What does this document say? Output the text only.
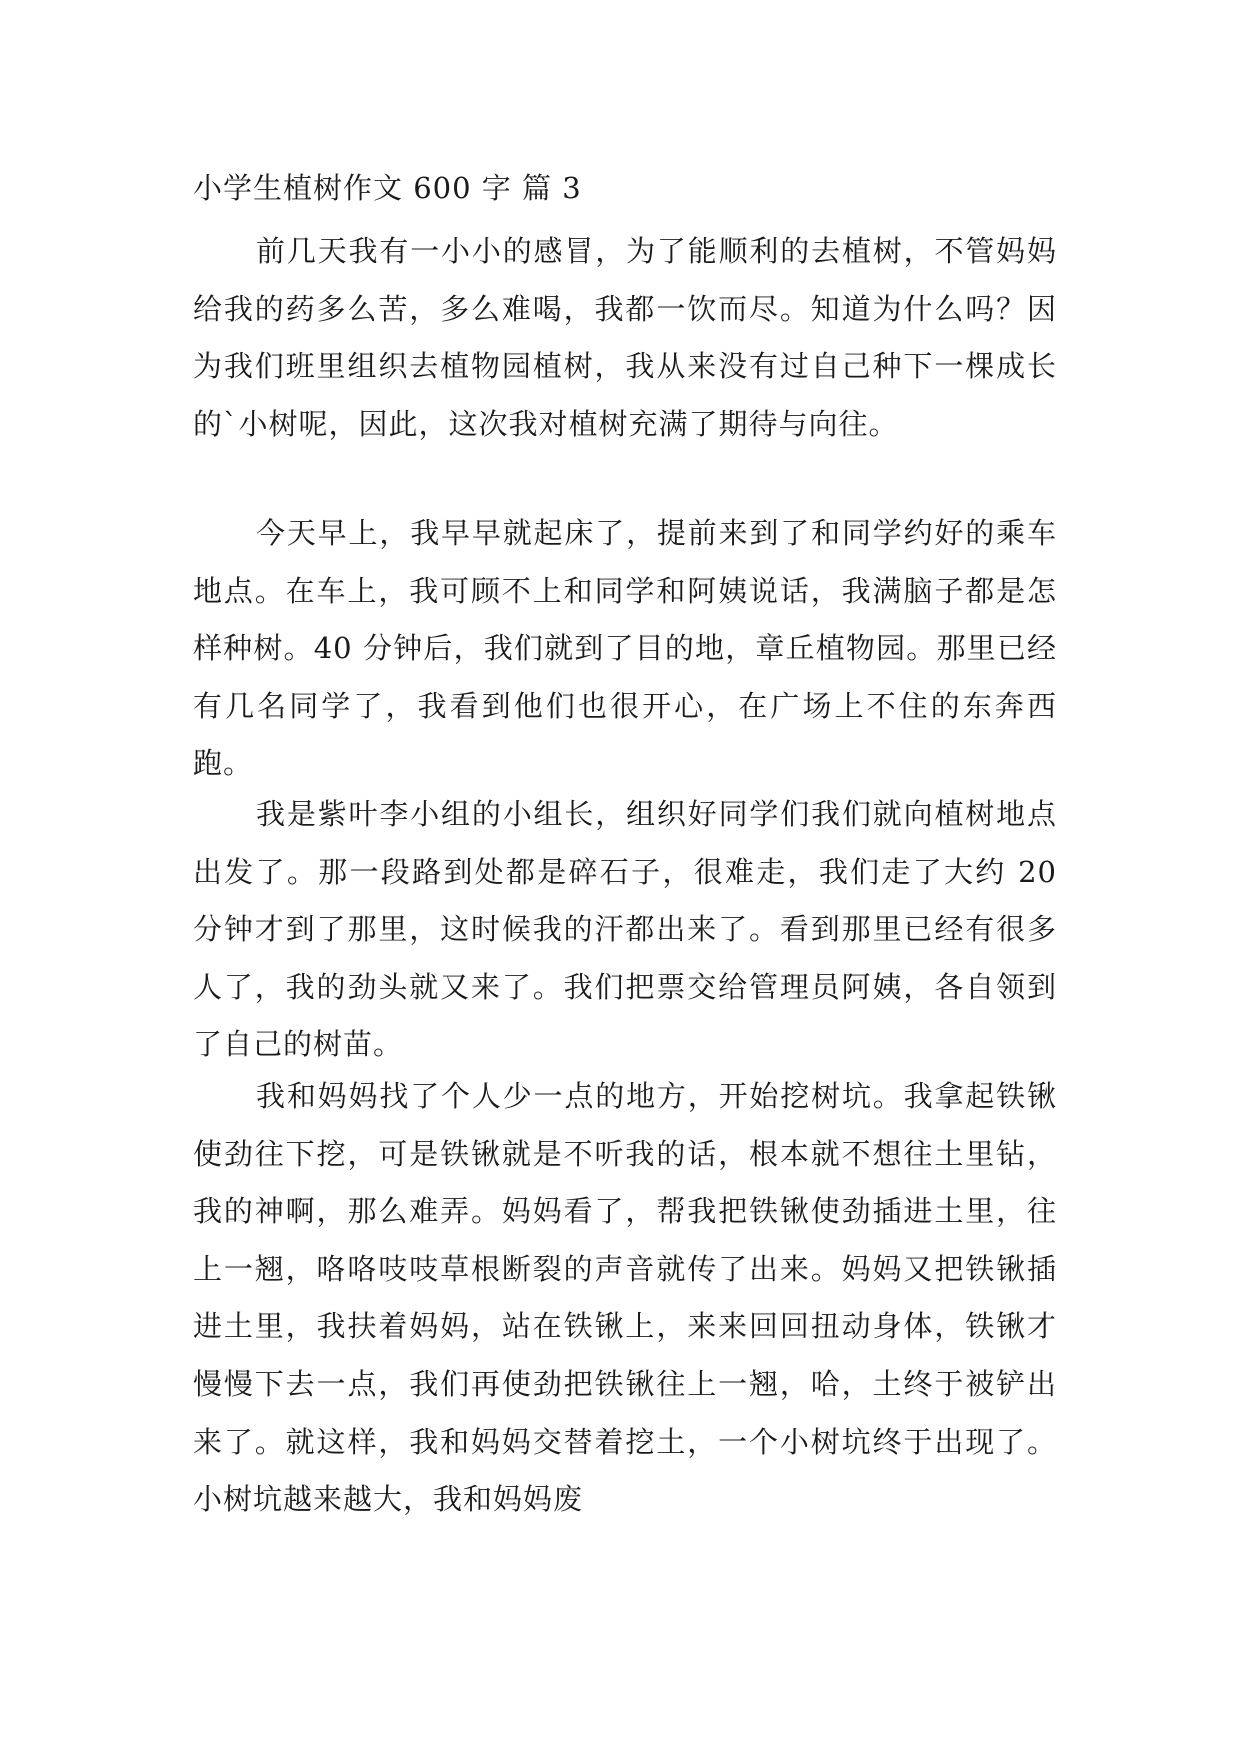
小学生植树作文 600 字 篇 3

前几天我有一小小的感冒，为了能顺利的去植树，不管妈妈给我的药多么苦，多么难喝，我都一饮而尽。知道为什么吗？因为我们班里组织去植物园植树，我从来没有过自己种下一棵成长的`小树呢，因此，这次我对植树充满了期待与向往。

今天早上，我早早就起床了，提前来到了和同学约好的乘车地点。在车上，我可顾不上和同学和阿姨说话，我满脑子都是怎样种树。40 分钟后，我们就到了目的地，章丘植物园。那里已经有几名同学了，我看到他们也很开心，在广场上不住的东奔西跑。

我是紫叶李小组的小组长，组织好同学们我们就向植树地点出发了。那一段路到处都是碎石子，很难走，我们走了大约 20 分钟才到了那里，这时候我的汗都出来了。看到那里已经有很多人了，我的劲头就又来了。我们把票交给管理员阿姨，各自领到了自己的树苗。

我和妈妈找了个人少一点的地方，开始挖树坑。我拿起铁锹使劲往下挖，可是铁锹就是不听我的话，根本就不想往土里钻，我的神啊，那么难弄。妈妈看了，帮我把铁锹使劲插进土里，往上一翘，咯咯吱吱草根断裂的声音就传了出来。妈妈又把铁锹插进土里，我扶着妈妈，站在铁锹上，来来回回扭动身体，铁锹才慢慢下去一点，我们再使劲把铁锹往上一翘，哈，土终于被铲出来了。就这样，我和妈妈交替着挖土，一个小树坑终于出现了。小树坑越来越大，我和妈妈废
